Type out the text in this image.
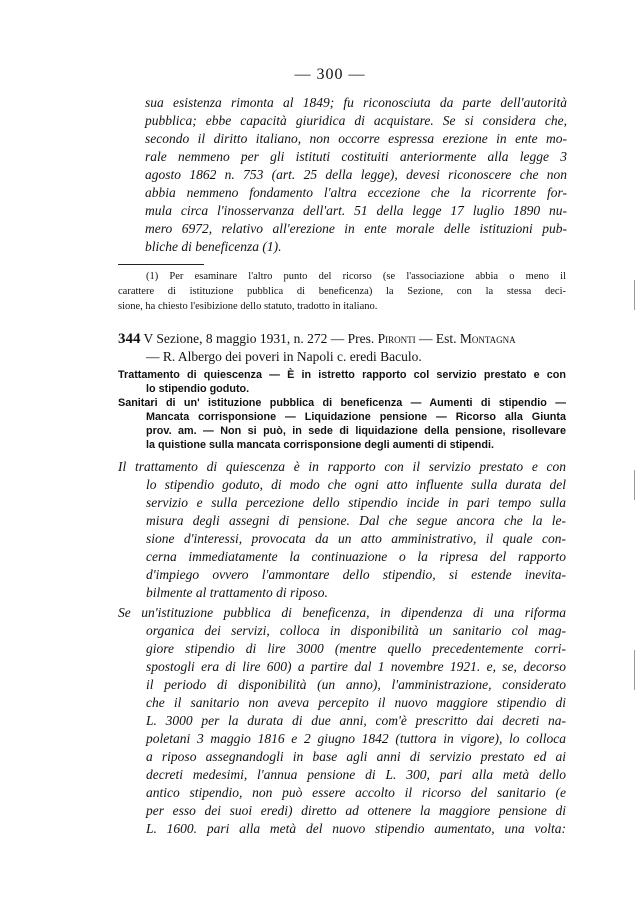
— 300 —
sua esistenza rimonta al 1849; fu riconosciuta da parte dell'autorità
pubblica; ebbe capacità giuridica di acquistare. Se si considera che,
secondo il diritto italiano, non occorre espressa erezione in ente mo-
rale nemmeno per gli istituti costituiti anteriormente alla legge 3
agosto 1862 n. 753 (art. 25 della legge), devesi riconoscere che non
abbia nemmeno fondamento l'altra eccezione che la ricorrente for-
mula circa l'inosservanza dell'art. 51 della legge 17 luglio 1890 nu-
mero 6972, relativo all'erezione in ente morale delle istituzioni pub-
bliche di beneficenza (1).
(1) Per esaminare l'altro punto del ricorso (se l'associazione abbia o meno il
carattere di istituzione pubblica di beneficenza) la Sezione, con la stessa deci-
sione, ha chiesto l'esibizione dello statuto, tradotto in italiano.
344 V Sezione, 8 maggio 1931, n. 272 — Pres. Pironti — Est. Montagna
— R. Albergo dei poveri in Napoli c. eredi Baculo.
Trattamento di quiescenza — È in istretto rapporto col servizio prestato e con
lo stipendio goduto.
Sanitari di un' istituzione pubblica di beneficenza — Aumenti di stipendio —
Mancata corrisponsione — Liquidazione pensione — Ricorso alla Giunta
prov. am. — Non si può, in sede di liquidazione della pensione, risollevare
la quistione sulla mancata corrisponsione degli aumenti di stipendi.
Il trattamento di quiescenza è in rapporto con il servizio prestato e con
lo stipendio goduto, di modo che ogni atto influente sulla durata del
servizio e sulla percezione dello stipendio incide in pari tempo sulla
misura degli assegni di pensione. Dal che segue ancora che la le-
sione d'interessi, provocata da un atto amministrativo, il quale con-
cerna immediatamente la continuazione o la ripresa del rapporto
d'impiego ovvero l'ammontare dello stipendio, si estende inevita-
bilmente al trattamento di riposo.
Se un'istituzione pubblica di beneficenza, in dipendenza di una riforma
organica dei servizi, colloca in disponibilità un sanitario col mag-
giore stipendio di lire 3000 (mentre quello precedentemente corri-
spostogli era di lire 600) a partire dal 1 novembre 1921. e, se, decorso
il periodo di disponibilità (un anno), l'amministrazione, considerato
che il sanitario non aveva percepito il nuovo maggiore stipendio di
L. 3000 per la durata di due anni, com'è prescritto dai decreti na-
poletani 3 maggio 1816 e 2 giugno 1842 (tuttora in vigore), lo colloca
a riposo assegnandogli in base agli anni di servizio prestato ed ai
decreti medesimi, l'annua pensione di L. 300, pari alla metà dello
antico stipendio, non può essere accolto il ricorso del sanitario (e
per esso dei suoi eredi) diretto ad ottenere la maggiore pensione di
L. 1600. pari alla metà del nuovo stipendio aumentato, una volta:
